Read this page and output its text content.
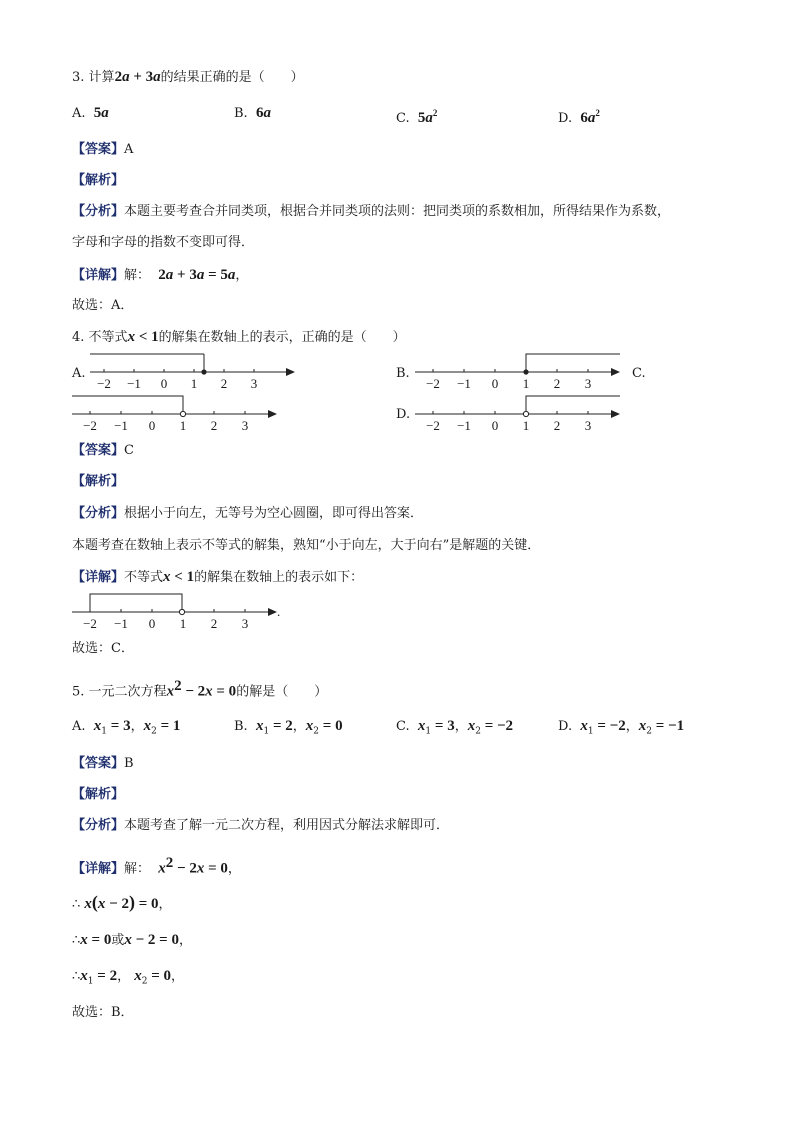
3. 计算2a + 3a的结果正确的是（　　）
A. 5a	B. 6a	C. $5a^2$	D. $6a^2$
【答案】A
【解析】
【分析】本题主要考查合并同类项，根据合并同类项的法则：把同类项的系数相加，所得结果作为系数，
字母和字母的指数不变即可得．
【详解】解： 2a + 3a = 5a，
故选：A．
4. 不等式x < 1的解集在数轴上的表示，正确的是（　　）
A.	B.	C.
D.
−2 −1 0 1 2 3	−2 −1 0 1 2 3
−2 −1 0 1 2 3	−2 −1 0 1 2 3
【答案】C
【解析】
【分析】根据小于向左，无等号为空心圆圈，即可得出答案．
本题考查在数轴上表示不等式的解集，熟知“小于向左，大于向右”是解题的关键．
【详解】不等式x < 1的解集在数轴上的表示如下：
−2 −1 0 1 2 3
.
故选：C．
5. 一元二次方程$x^2 - 2x = 0$的解是（　　）
A. $x_1 = 3$，$x_2 = 1$	B. $x_1 = 2$，$x_2 = 0$	C. $x_1 = 3$，$x_2 = -2$	D. $x_1 = -2$，$x_2 = -1$
【答案】B
【解析】
【分析】本题考查了解一元二次方程，利用因式分解法求解即可．
【详解】解： $x^2 - 2x = 0$，
∴ x(x − 2) = 0，
∴x = 0或x − 2 = 0，
$\therefore x_1 = 2$， $x_2 = 0$，
故选：B．
